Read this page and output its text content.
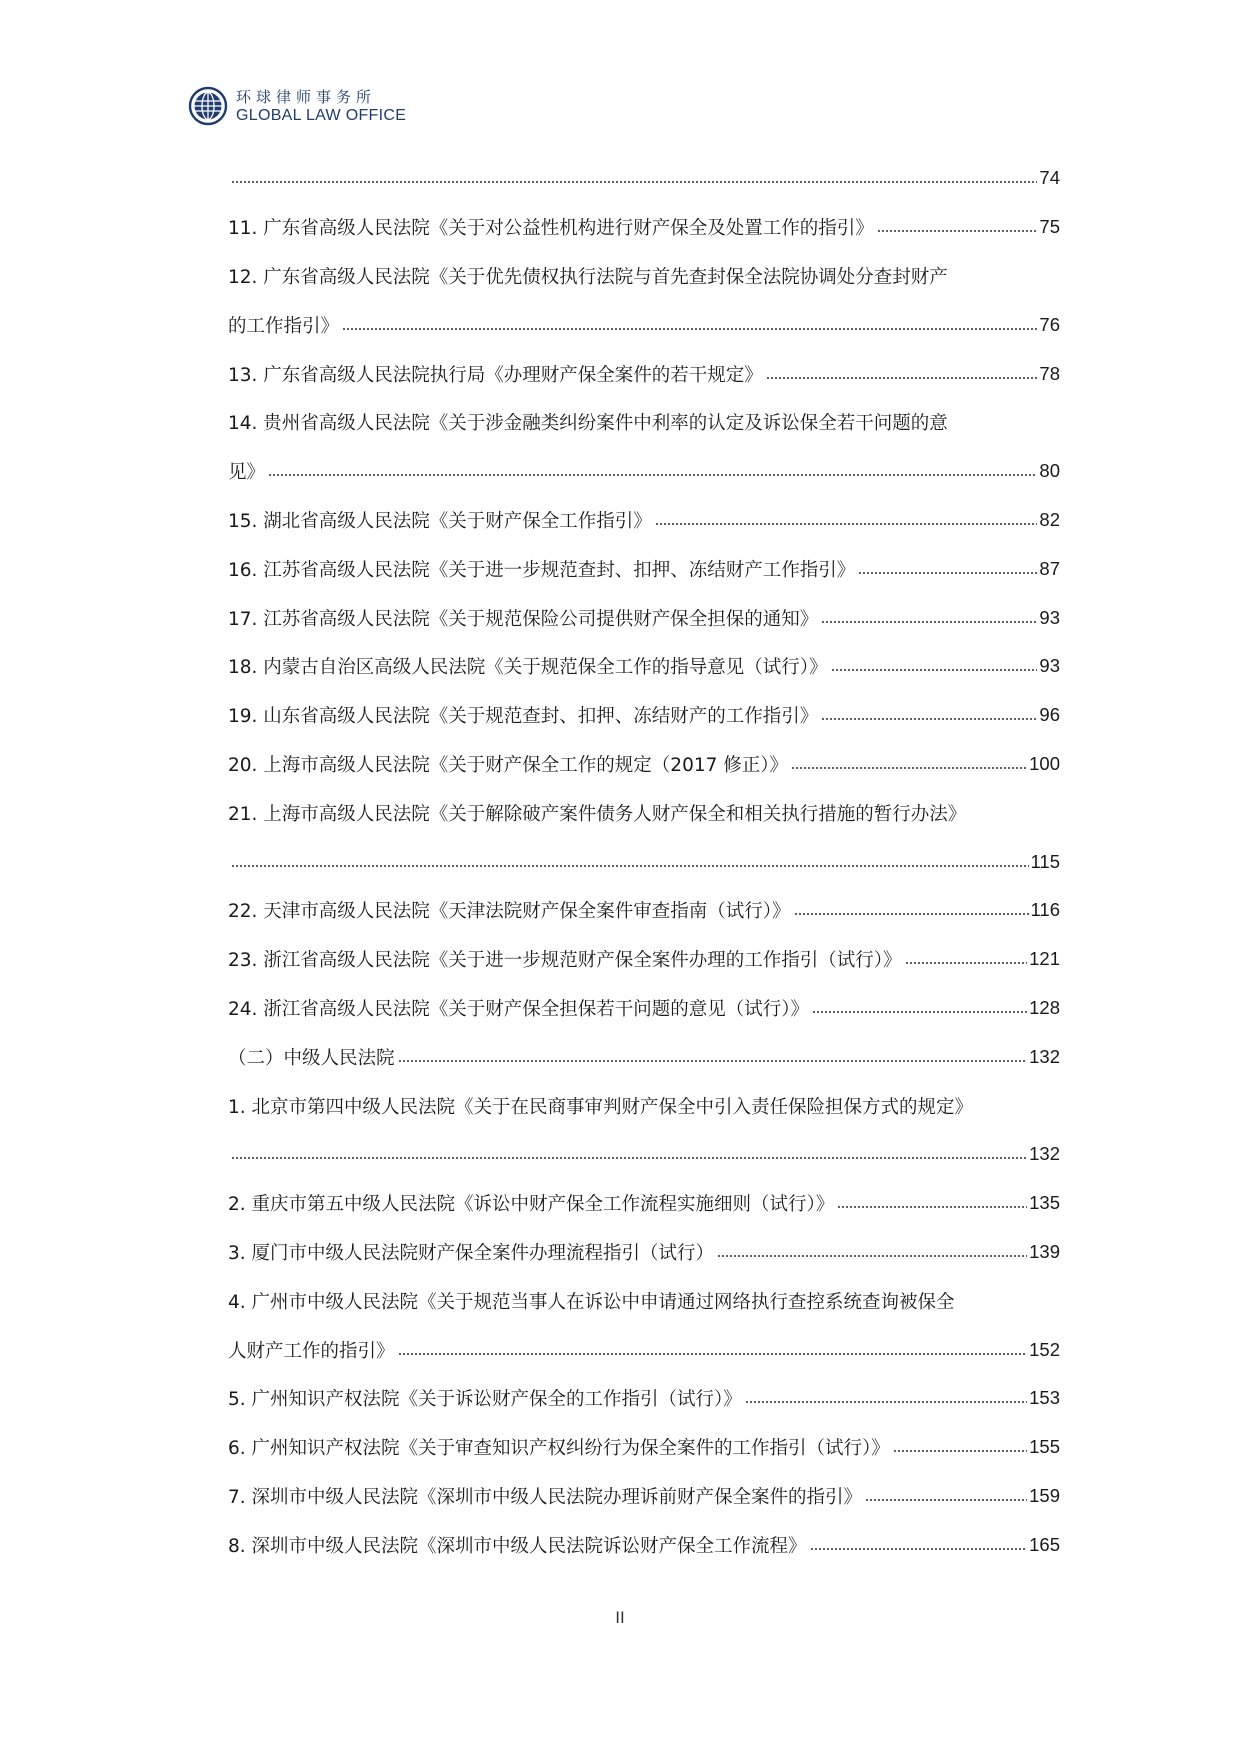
环球律师事务所
GLOBAL LAW OFFICE
74
11. 广东省高级人民法院《关于对公益性机构进行财产保全及处置工作的指引》	75
12. 广东省高级人民法院《关于优先债权执行法院与首先查封保全法院协调处分查封财产
的工作指引》	76
13. 广东省高级人民法院执行局《办理财产保全案件的若干规定》	78
14. 贵州省高级人民法院《关于涉金融类纠纷案件中利率的认定及诉讼保全若干问题的意
见》	80
15. 湖北省高级人民法院《关于财产保全工作指引》	82
16. 江苏省高级人民法院《关于进一步规范查封、扣押、冻结财产工作指引》	87
17. 江苏省高级人民法院《关于规范保险公司提供财产保全担保的通知》	93
18. 内蒙古自治区高级人民法院《关于规范保全工作的指导意见（试行）》	93
19. 山东省高级人民法院《关于规范查封、扣押、冻结财产的工作指引》	96
20. 上海市高级人民法院《关于财产保全工作的规定（2017 修正）》	100
21. 上海市高级人民法院《关于解除破产案件债务人财产保全和相关执行措施的暂行办法》
115
22. 天津市高级人民法院《天津法院财产保全案件审查指南（试行）》	116
23. 浙江省高级人民法院《关于进一步规范财产保全案件办理的工作指引（试行）》	121
24. 浙江省高级人民法院《关于财产保全担保若干问题的意见（试行）》	128
（二）中级人民法院	132
1. 北京市第四中级人民法院《关于在民商事审判财产保全中引入责任保险担保方式的规定》
132
2. 重庆市第五中级人民法院《诉讼中财产保全工作流程实施细则（试行）》	135
3. 厦门市中级人民法院财产保全案件办理流程指引（试行）	139
4. 广州市中级人民法院《关于规范当事人在诉讼中申请通过网络执行查控系统查询被保全
人财产工作的指引》	152
5. 广州知识产权法院《关于诉讼财产保全的工作指引（试行）》	153
6. 广州知识产权法院《关于审查知识产权纠纷行为保全案件的工作指引（试行）》	155
7. 深圳市中级人民法院《深圳市中级人民法院办理诉前财产保全案件的指引》	159
8. 深圳市中级人民法院《深圳市中级人民法院诉讼财产保全工作流程》	165
II
